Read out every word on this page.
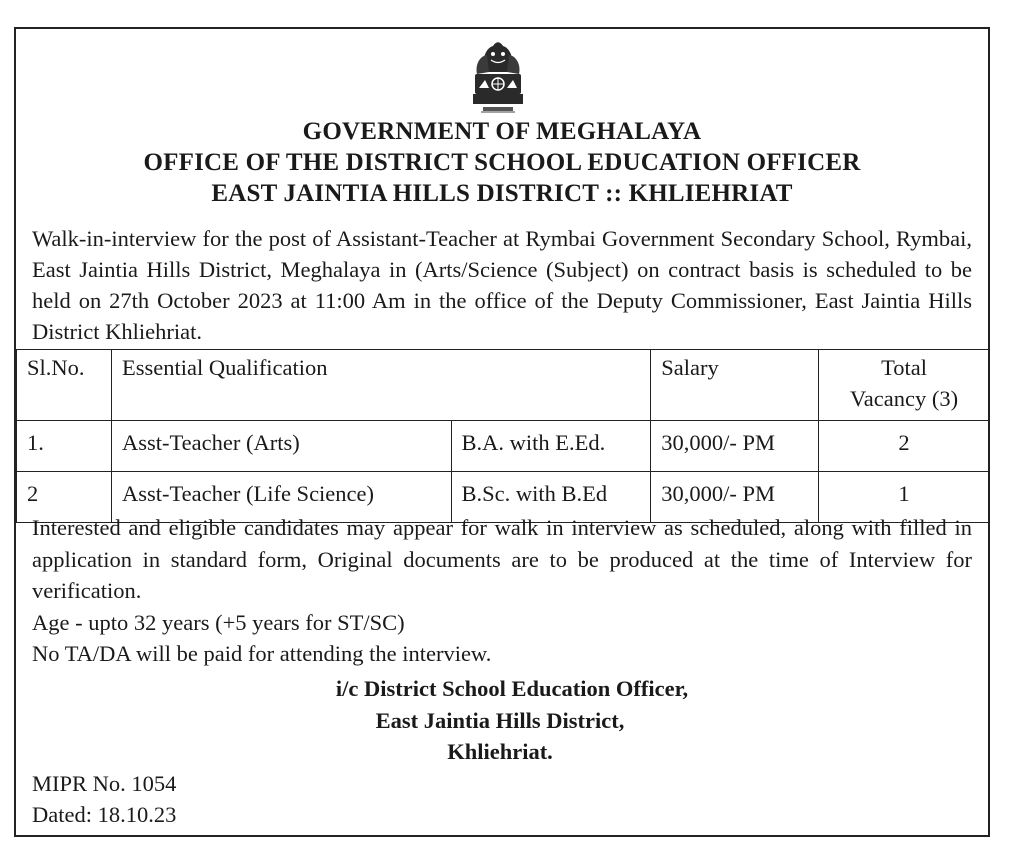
GOVERNMENT OF MEGHALAYA
OFFICE OF THE DISTRICT SCHOOL EDUCATION OFFICER
EAST JAINTIA HILLS DISTRICT :: KHLIEHRIAT
Walk-in-interview for the post of Assistant-Teacher at Rymbai Government Secondary School, Rymbai, East Jaintia Hills District, Meghalaya in (Arts/Science (Subject) on contract basis is scheduled to be held on 27th October 2023 at 11:00 Am in the office of the Deputy Commissioner, East Jaintia Hills District Khliehriat.
Sl.No.	Essential Qualification		Salary	Total
Vacancy (3)

1.	Asst-Teacher (Arts)	B.A. with E.Ed.	30,000/- PM	2
2	Asst-Teacher (Life Science)	B.Sc. with B.Ed	30,000/- PM	1

Interested and eligible candidates may appear for walk in interview as scheduled, along with filled in application in standard form, Original documents are to be produced at the time of Interview for verification.

Age - upto 32 years (+5 years for ST/SC)

No TA/DA will be paid for attending the interview.

i/c District School Education Officer,
East Jaintia Hills District,
Khliehriat.
MIPR No. 1054
Dated: 18.10.23
